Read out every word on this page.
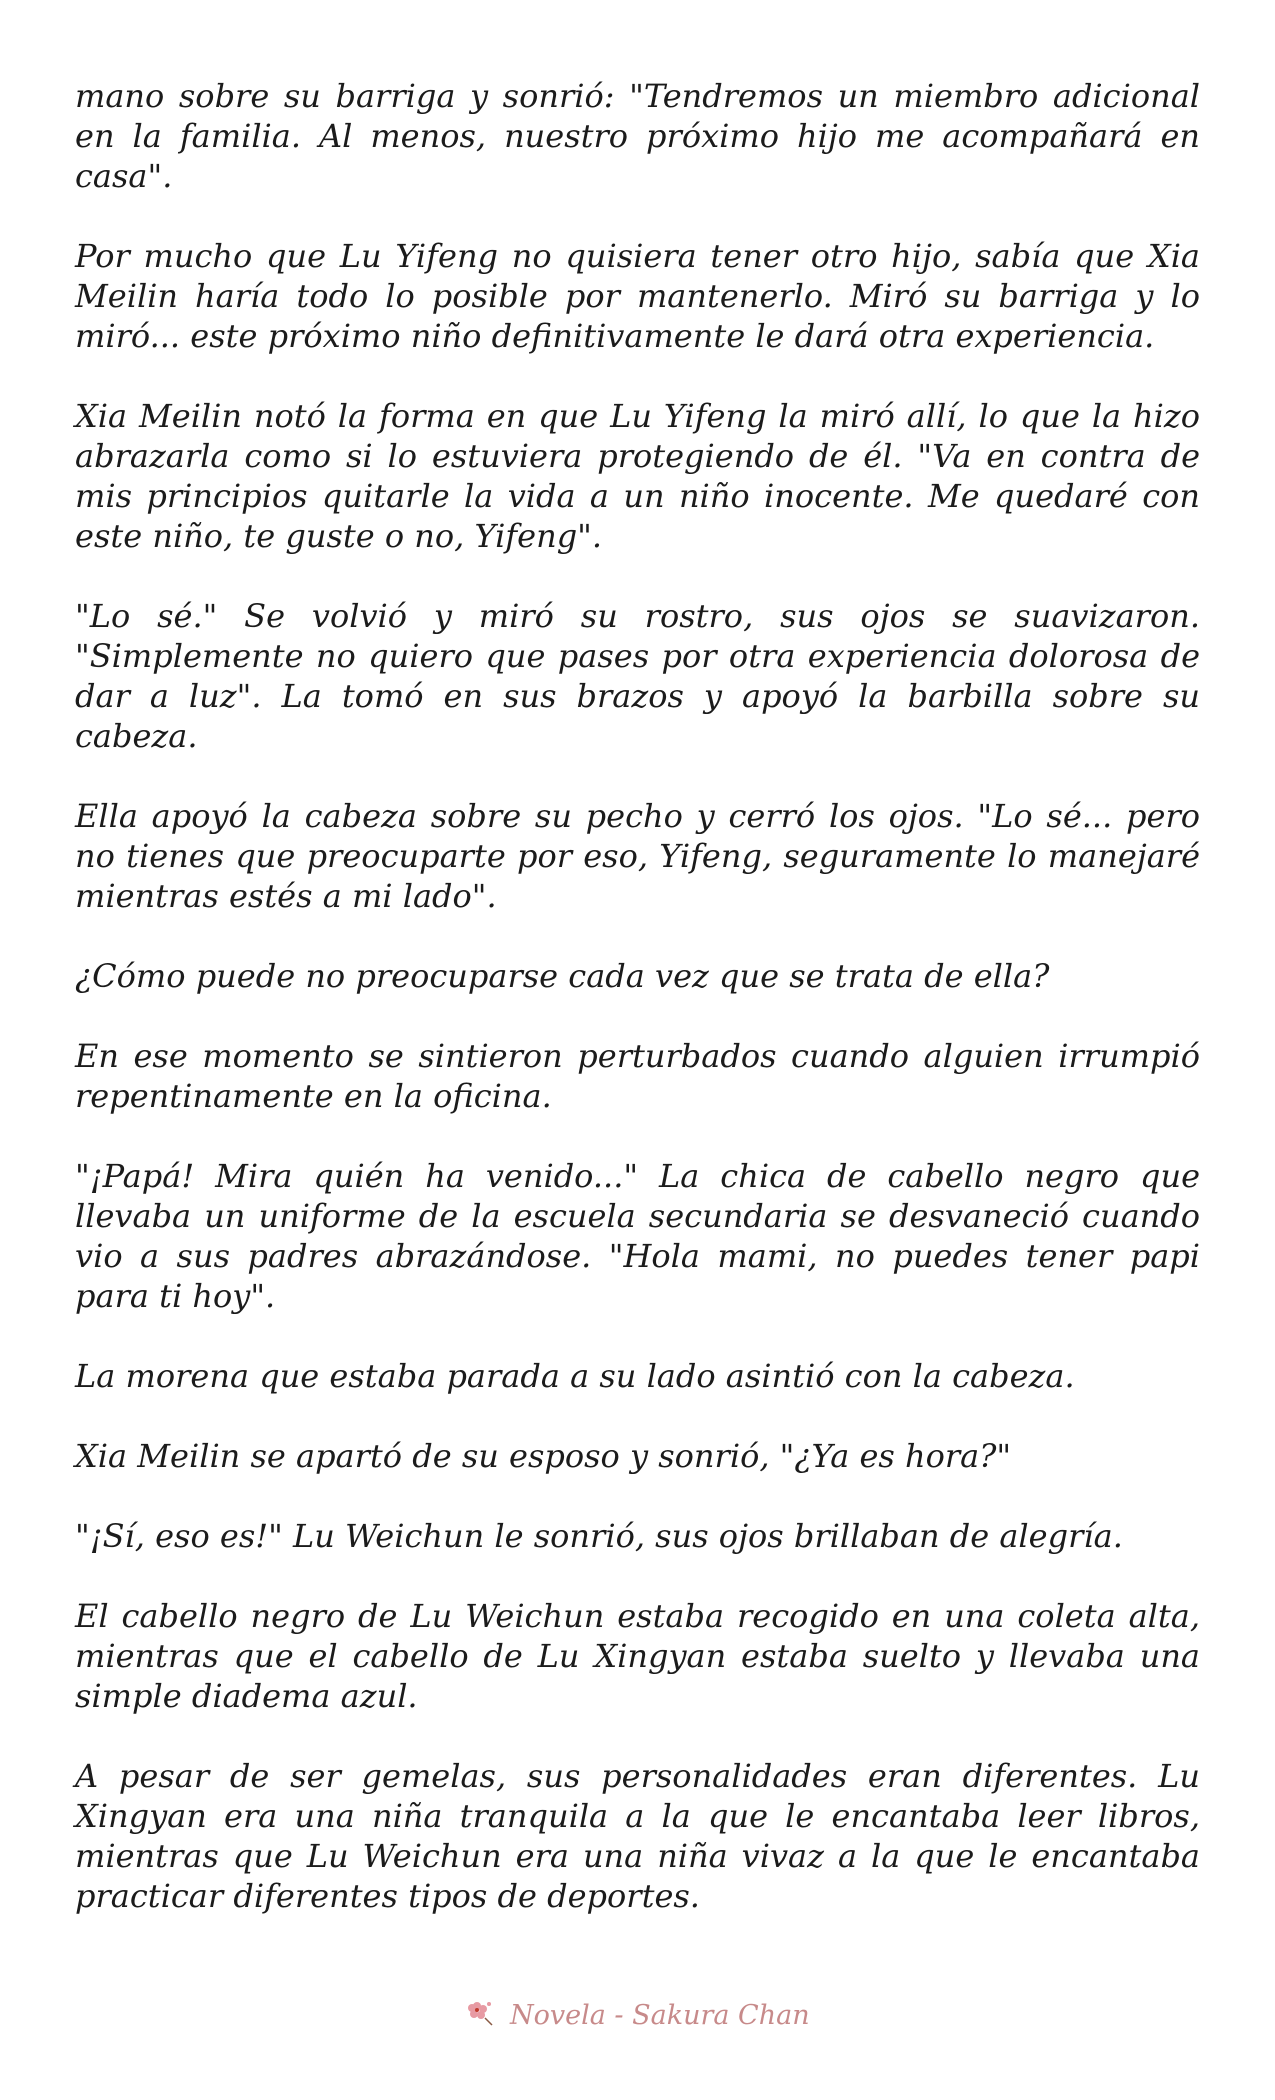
mano sobre su barriga y sonrió: "Tendremos un miembro adicional en la familia. Al menos, nuestro próximo hijo me acompañará en casa".

Por mucho que Lu Yifeng no quisiera tener otro hijo, sabía que Xia Meilin haría todo lo posible por mantenerlo. Miró su barriga y lo miró... este próximo niño definitivamente le dará otra experiencia.

Xia Meilin notó la forma en que Lu Yifeng la miró allí, lo que la hizo abrazarla como si lo estuviera protegiendo de él. "Va en contra de mis principios quitarle la vida a un niño inocente. Me quedaré con este niño, te guste o no, Yifeng".

"Lo sé." Se volvió y miró su rostro, sus ojos se suavizaron. "Simplemente no quiero que pases por otra experiencia dolorosa de dar a luz". La tomó en sus brazos y apoyó la barbilla sobre su cabeza.

Ella apoyó la cabeza sobre su pecho y cerró los ojos. "Lo sé... pero no tienes que preocuparte por eso, Yifeng, seguramente lo manejaré mientras estés a mi lado".

¿Cómo puede no preocuparse cada vez que se trata de ella?

En ese momento se sintieron perturbados cuando alguien irrumpió repentinamente en la oficina.

"¡Papá! Mira quién ha venido..." La chica de cabello negro que llevaba un uniforme de la escuela secundaria se desvaneció cuando vio a sus padres abrazándose. "Hola mami, no puedes tener papi para ti hoy".

La morena que estaba parada a su lado asintió con la cabeza.

Xia Meilin se apartó de su esposo y sonrió, "¿Ya es hora?"

"¡Sí, eso es!" Lu Weichun le sonrió, sus ojos brillaban de alegría.

El cabello negro de Lu Weichun estaba recogido en una coleta alta, mientras que el cabello de Lu Xingyan estaba suelto y llevaba una simple diadema azul.

A pesar de ser gemelas, sus personalidades eran diferentes. Lu Xingyan era una niña tranquila a la que le encantaba leer libros, mientras que Lu Weichun era una niña vivaz a la que le encantaba practicar diferentes tipos de deportes.

Novela - Sakura Chan
